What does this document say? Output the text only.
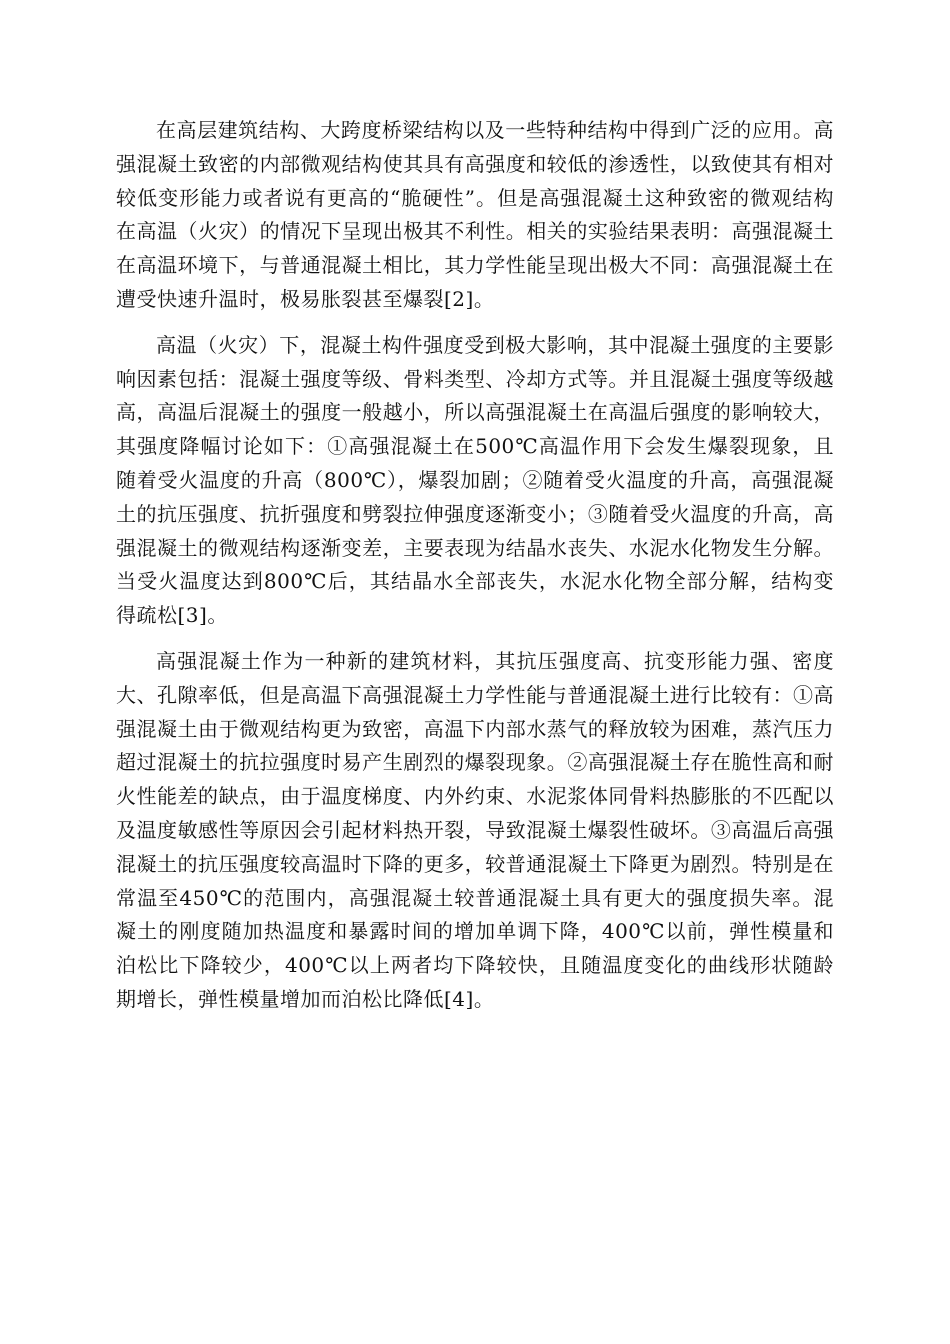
在高层建筑结构、大跨度桥梁结构以及一些特种结构中得到广泛的应用。高强混凝土致密的内部微观结构使其具有高强度和较低的渗透性，以致使其有相对较低变形能力或者说有更高的“脆硬性”。但是高强混凝土这种致密的微观结构在高温（火灾）的情况下呈现出极其不利性。相关的实验结果表明：高强混凝土在高温环境下，与普通混凝土相比，其力学性能呈现出极大不同：高强混凝土在遭受快速升温时，极易胀裂甚至爆裂[2]。

高温（火灾）下，混凝土构件强度受到极大影响，其中混凝土强度的主要影响因素包括：混凝土强度等级、骨料类型、冷却方式等。并且混凝土强度等级越高，高温后混凝土的强度一般越小，所以高强混凝土在高温后强度的影响较大，其强度降幅讨论如下：①高强混凝土在500℃高温作用下会发生爆裂现象，且随着受火温度的升高（800℃），爆裂加剧；②随着受火温度的升高，高强混凝土的抗压强度、抗折强度和劈裂拉伸强度逐渐变小；③随着受火温度的升高，高强混凝土的微观结构逐渐变差，主要表现为结晶水丧失、水泥水化物发生分解。当受火温度达到800℃后，其结晶水全部丧失，水泥水化物全部分解，结构变得疏松[3]。

高强混凝土作为一种新的建筑材料，其抗压强度高、抗变形能力强、密度大、孔隙率低，但是高温下高强混凝土力学性能与普通混凝土进行比较有：①高强混凝土由于微观结构更为致密，高温下内部水蒸气的释放较为困难，蒸汽压力超过混凝土的抗拉强度时易产生剧烈的爆裂现象。②高强混凝土存在脆性高和耐火性能差的缺点，由于温度梯度、内外约束、水泥浆体同骨料热膨胀的不匹配以及温度敏感性等原因会引起材料热开裂，导致混凝土爆裂性破坏。③高温后高强混凝土的抗压强度较高温时下降的更多，较普通混凝土下降更为剧烈。特别是在常温至450℃的范围内，高强混凝土较普通混凝土具有更大的强度损失率。混凝土的刚度随加热温度和暴露时间的增加单调下降，400℃以前，弹性模量和泊松比下降较少，400℃以上两者均下降较快，且随温度变化的曲线形状随龄期增长，弹性模量增加而泊松比降低[4]。
